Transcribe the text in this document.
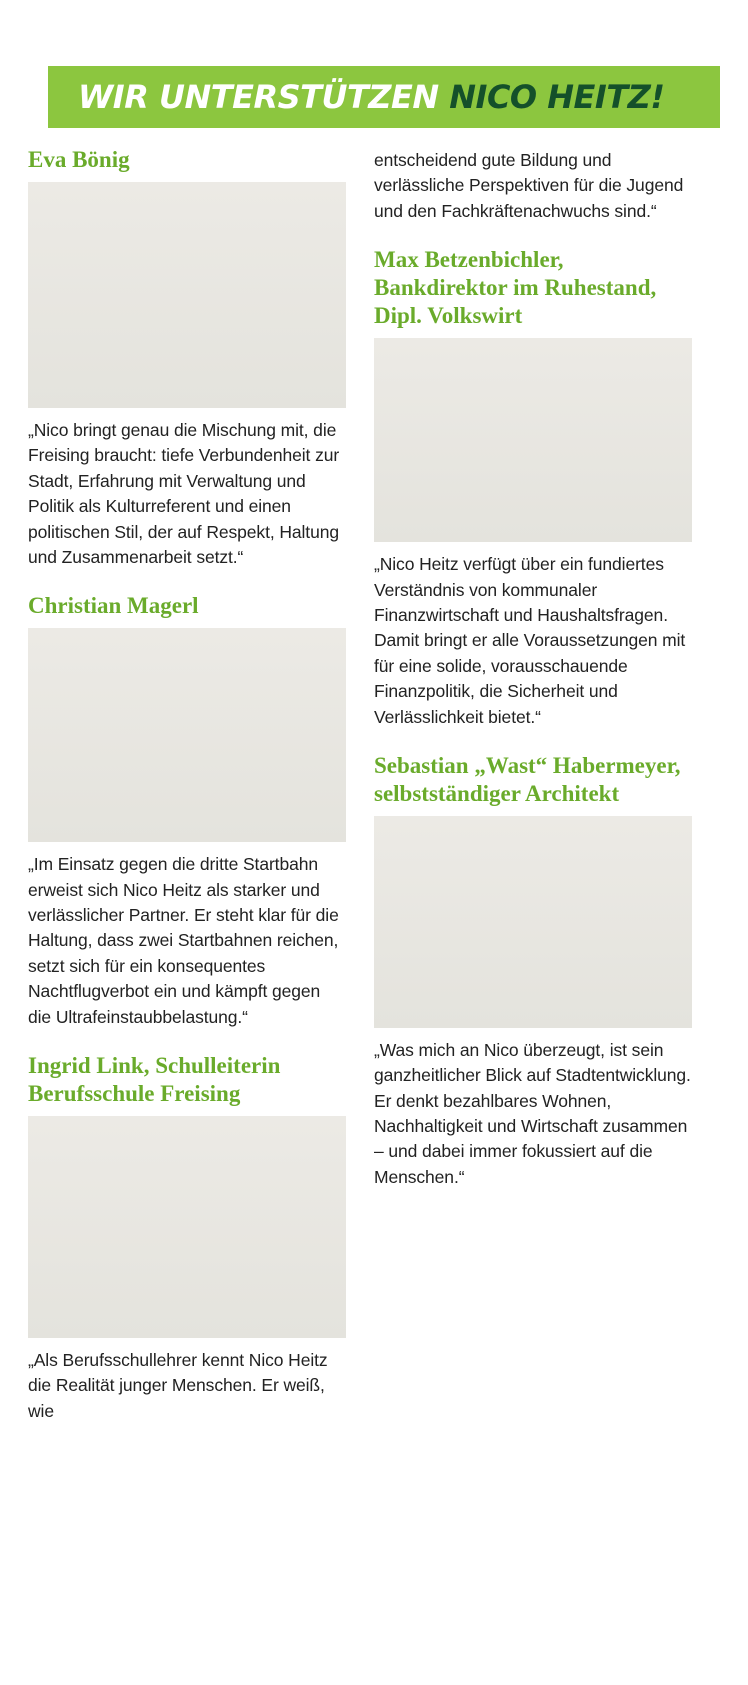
WIR UNTERSTÜTZEN NICO HEITZ!
Eva Bönig

„Nico bringt genau die Mischung mit, die Freising braucht: tiefe Verbundenheit zur Stadt, Erfahrung mit Verwaltung und Politik als Kulturreferent und einen politischen Stil, der auf Respekt, Haltung und Zusammenarbeit setzt.“

Christian Magerl

„Im Einsatz gegen die dritte Startbahn erweist sich Nico Heitz als starker und verlässlicher Partner. Er steht klar für die Haltung, dass zwei Startbahnen reichen, setzt sich für ein konsequentes Nachtflugverbot ein und kämpft gegen die Ultrafeinstaubbelastung.“

Ingrid Link, Schulleiterin Berufsschule Freising

„Als Berufsschullehrer kennt Nico Heitz die Realität junger Menschen. Er weiß, wie

entscheidend gute Bildung und verlässliche Perspektiven für die Jugend und den Fachkräftenachwuchs sind.“

Max Betzenbichler, Bankdirektor im Ruhestand, Dipl. Volkswirt

„Nico Heitz verfügt über ein fundiertes Verständnis von kommunaler Finanzwirtschaft und Haushaltsfragen. Damit bringt er alle Voraussetzungen mit für eine solide, vorausschauende Finanzpolitik, die Sicherheit und Verlässlichkeit bietet.“

Sebastian „Wast“ Habermeyer, selbstständiger Architekt

„Was mich an Nico überzeugt, ist sein ganzheitlicher Blick auf Stadtentwicklung. Er denkt bezahlbares Wohnen, Nachhaltigkeit und Wirtschaft zusammen – und dabei immer fokussiert auf die Menschen.“
